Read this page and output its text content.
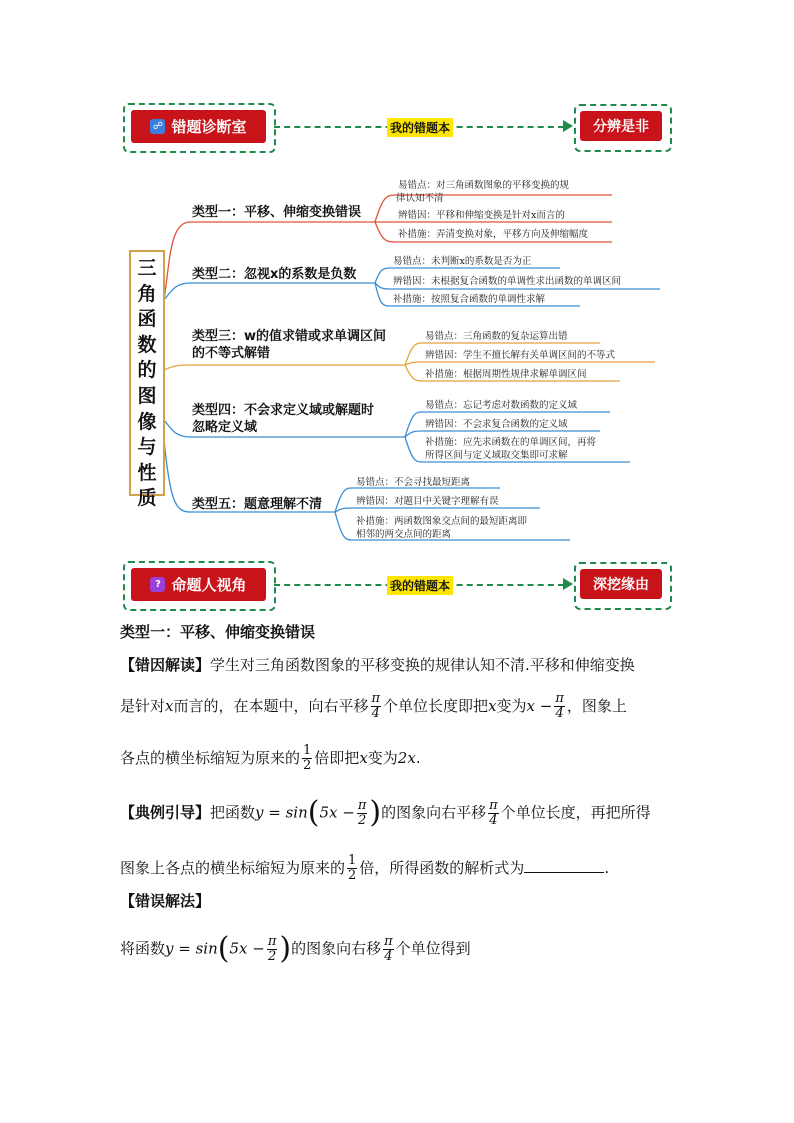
☍ 错题诊断室	我的错题本	分辨是非
三
角
函
数
的
图
像
与
性
质
类型一：平移、伸缩变换错误
类型二：忽视x的系数是负数
类型三：w的值求错或求单调区间
的不等式解错
类型四：不会求定义域或解题时
忽略定义域
类型五：题意理解不清
易错点：对三角函数图象的平移变换的规
律认知不清
辨错因：平移和伸缩变换是针对x而言的
补措施：弄清变换对象，平移方向及伸缩幅度
易错点：未判断x的系数是否为正
辨错因：未根据复合函数的单调性求出函数的单调区间
补措施：按照复合函数的单调性求解
易错点：三角函数的复杂运算出错
辨错因：学生不擅长解有关单调区间的不等式
补措施：根据周期性规律求解单调区间
易错点：忘记考虑对数函数的定义域
辨错因：不会求复合函数的定义域
补措施：应先求函数在的单调区间，再将
所得区间与定义域取交集即可求解
易错点：不会寻找最短距离
辨错因：对题目中关键字理解有误
补措施：两函数图象交点间的最短距离即
相邻的两交点间的距离
? 命题人视角	我的错题本	深挖缘由
类型一：平移、伸缩变换错误
【错因解读】学生对三角函数图象的平移变换的规律认知不清.平移和伸缩变换
是针对x而言的，在本题中，向右平移 $\frac{\pi}{4}$ 个单位长度即把x变为$x - \frac{\pi}{4}$ ，图象上
各点的横坐标缩短为原来的 $\frac{1}{2}$ 倍即把x变为2x.
【典例引导】把函数$y = \sin(5x - \frac{\pi}{2}$ )的图象向右平移 $\frac{\pi}{4}$ 个单位长度，再把所得
图象上各点的横坐标缩短为原来的 $\frac{1}{2}$ 倍，所得函数的解析式为	.
【错误解法】
将函数$y = \sin(5x - \frac{\pi}{2}$ )的图象向右移 $\frac{\pi}{4}$ 个单位得到
